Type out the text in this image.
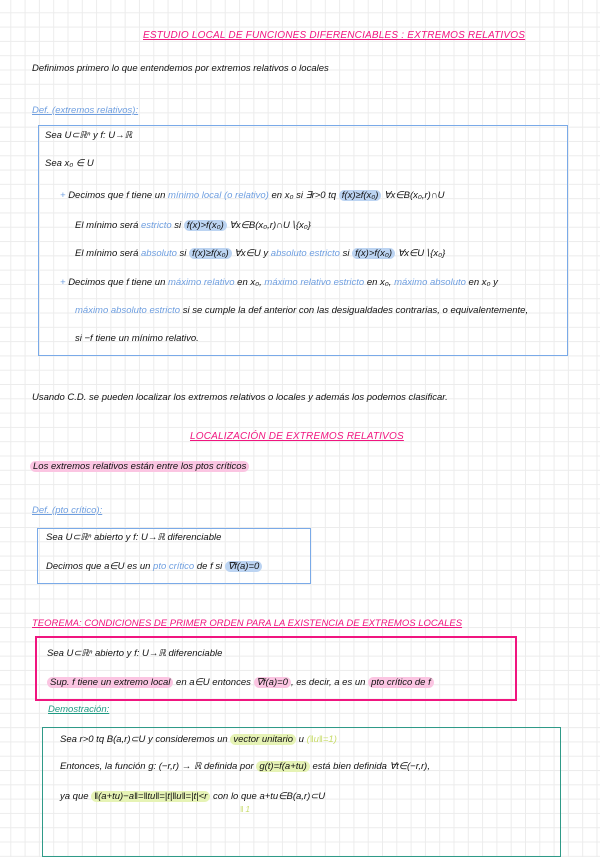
ESTUDIO LOCAL DE FUNCIONES DIFERENCIABLES : EXTREMOS RELATIVOS
Definimos primero lo que entendemos por extremos relativos o locales
Def. (extremos relativos):
Sea U⊂ℝⁿ y f: U→ℝ
Sea x₀ ∈ U
+ Decimos que f tiene un mínimo local (o relativo) en x₀ si ∃r>0 tq f(x)≥f(x₀) ∀x∈B(x₀,r)∩U
El mínimo será estricto si f(x)>f(x₀) ∀x∈B(x₀,r)∩U∖{x₀}
El mínimo será absoluto si f(x)≥f(x₀) ∀x∈U y absoluto estricto si f(x)>f(x₀) ∀x∈U∖{x₀}
+ Decimos que f tiene un máximo relativo en x₀, máximo relativo estricto en x₀, máximo absoluto en x₀ y
máximo absoluto estricto si se cumple la def anterior con las desigualdades contrarias, o equivalentemente,
si −f tiene un mínimo relativo.
Usando C.D. se pueden localizar los extremos relativos o locales y además los podemos clasificar.
LOCALIZACIÓN DE EXTREMOS RELATIVOS
Los extremos relativos están entre los ptos críticos
Def. (pto crítico):
Sea U⊂ℝⁿ abierto y f: U→ℝ diferenciable
Decimos que a∈U es un pto crítico de f si ∇f(a)=0
TEOREMA: CONDICIONES DE PRIMER ORDEN PARA LA EXISTENCIA DE EXTREMOS LOCALES
Sea U⊂ℝⁿ abierto y f: U→ℝ diferenciable
Sup. f tiene un extremo local en a∈U entonces ∇f(a)=0 , es decir, a es un pto crítico de f
Demostración:
Sea r>0 tq B(a,r)⊂U y consideremos un vector unitario u (‖u‖=1)
Entonces, la función g: (−r,r) → ℝ definida por g(t)=f(a+tu) está bien definida ∀t∈(−r,r),
ya que ‖(a+tu)−a‖=‖tu‖=|t|‖u‖=|t|<r con lo que a+tu∈B(a,r)⊂U
‖ 1
